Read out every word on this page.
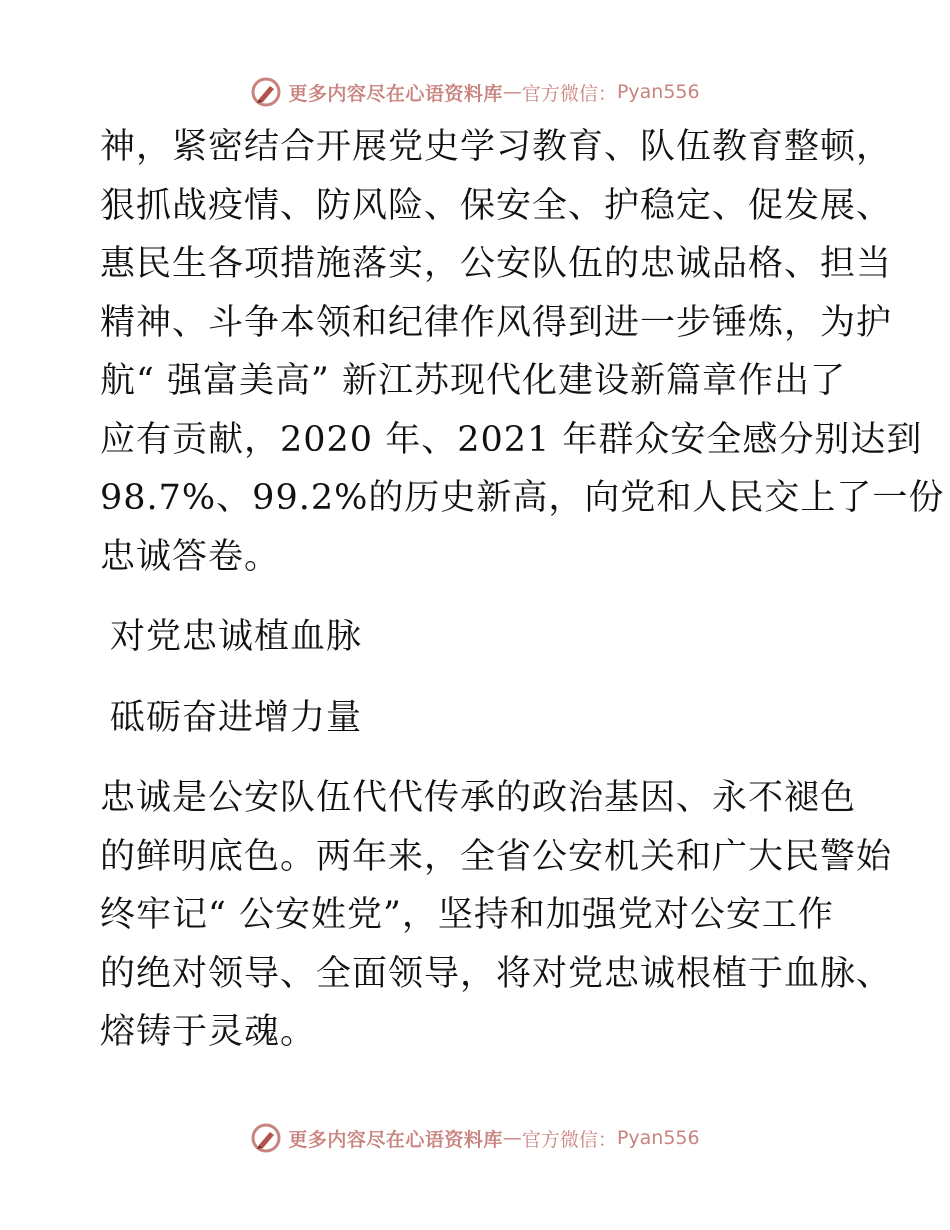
更多内容尽在心语资料库 — 官方微信： Pyan556
神，紧密结合开展党史学习教育、队伍教育整顿，
狠抓战疫情、防风险、保安全、护稳定、促发展、
惠民生各项措施落实，公安队伍的忠诚品格、担当
精神、斗争本领和纪律作风得到进一步锤炼，为护
航“ 强富美高” 新江苏现代化建设新篇章作出了
应有贡献，2020 年、2021 年群众安全感分别达到
98.7%、99.2%的历史新高，向党和人民交上了一份
忠诚答卷。
对党忠诚植血脉
砥砺奋进增力量
忠诚是公安队伍代代传承的政治基因、永不褪色
的鲜明底色。两年来，全省公安机关和广大民警始
终牢记“ 公安姓党”，坚持和加强党对公安工作
的绝对领导、全面领导，将对党忠诚根植于血脉、
熔铸于灵魂。
更多内容尽在心语资料库 — 官方微信： Pyan556
